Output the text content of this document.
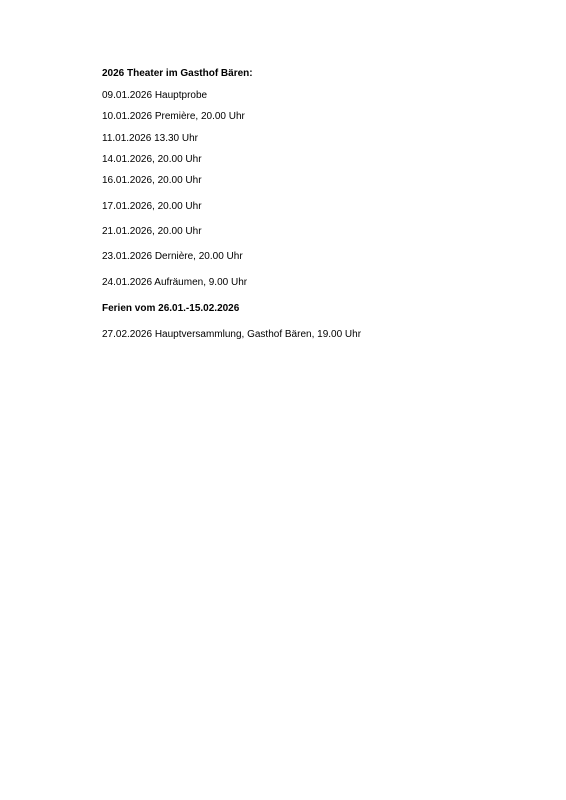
2026 Theater im Gasthof Bären:
09.01.2026 Hauptprobe
10.01.2026 Première, 20.00 Uhr
11.01.2026 13.30 Uhr
14.01.2026, 20.00 Uhr
16.01.2026, 20.00 Uhr
17.01.2026, 20.00 Uhr
21.01.2026, 20.00 Uhr
23.01.2026 Dernière, 20.00 Uhr
24.01.2026 Aufräumen, 9.00 Uhr
Ferien vom 26.01.-15.02.2026
27.02.2026 Hauptversammlung, Gasthof Bären, 19.00 Uhr
